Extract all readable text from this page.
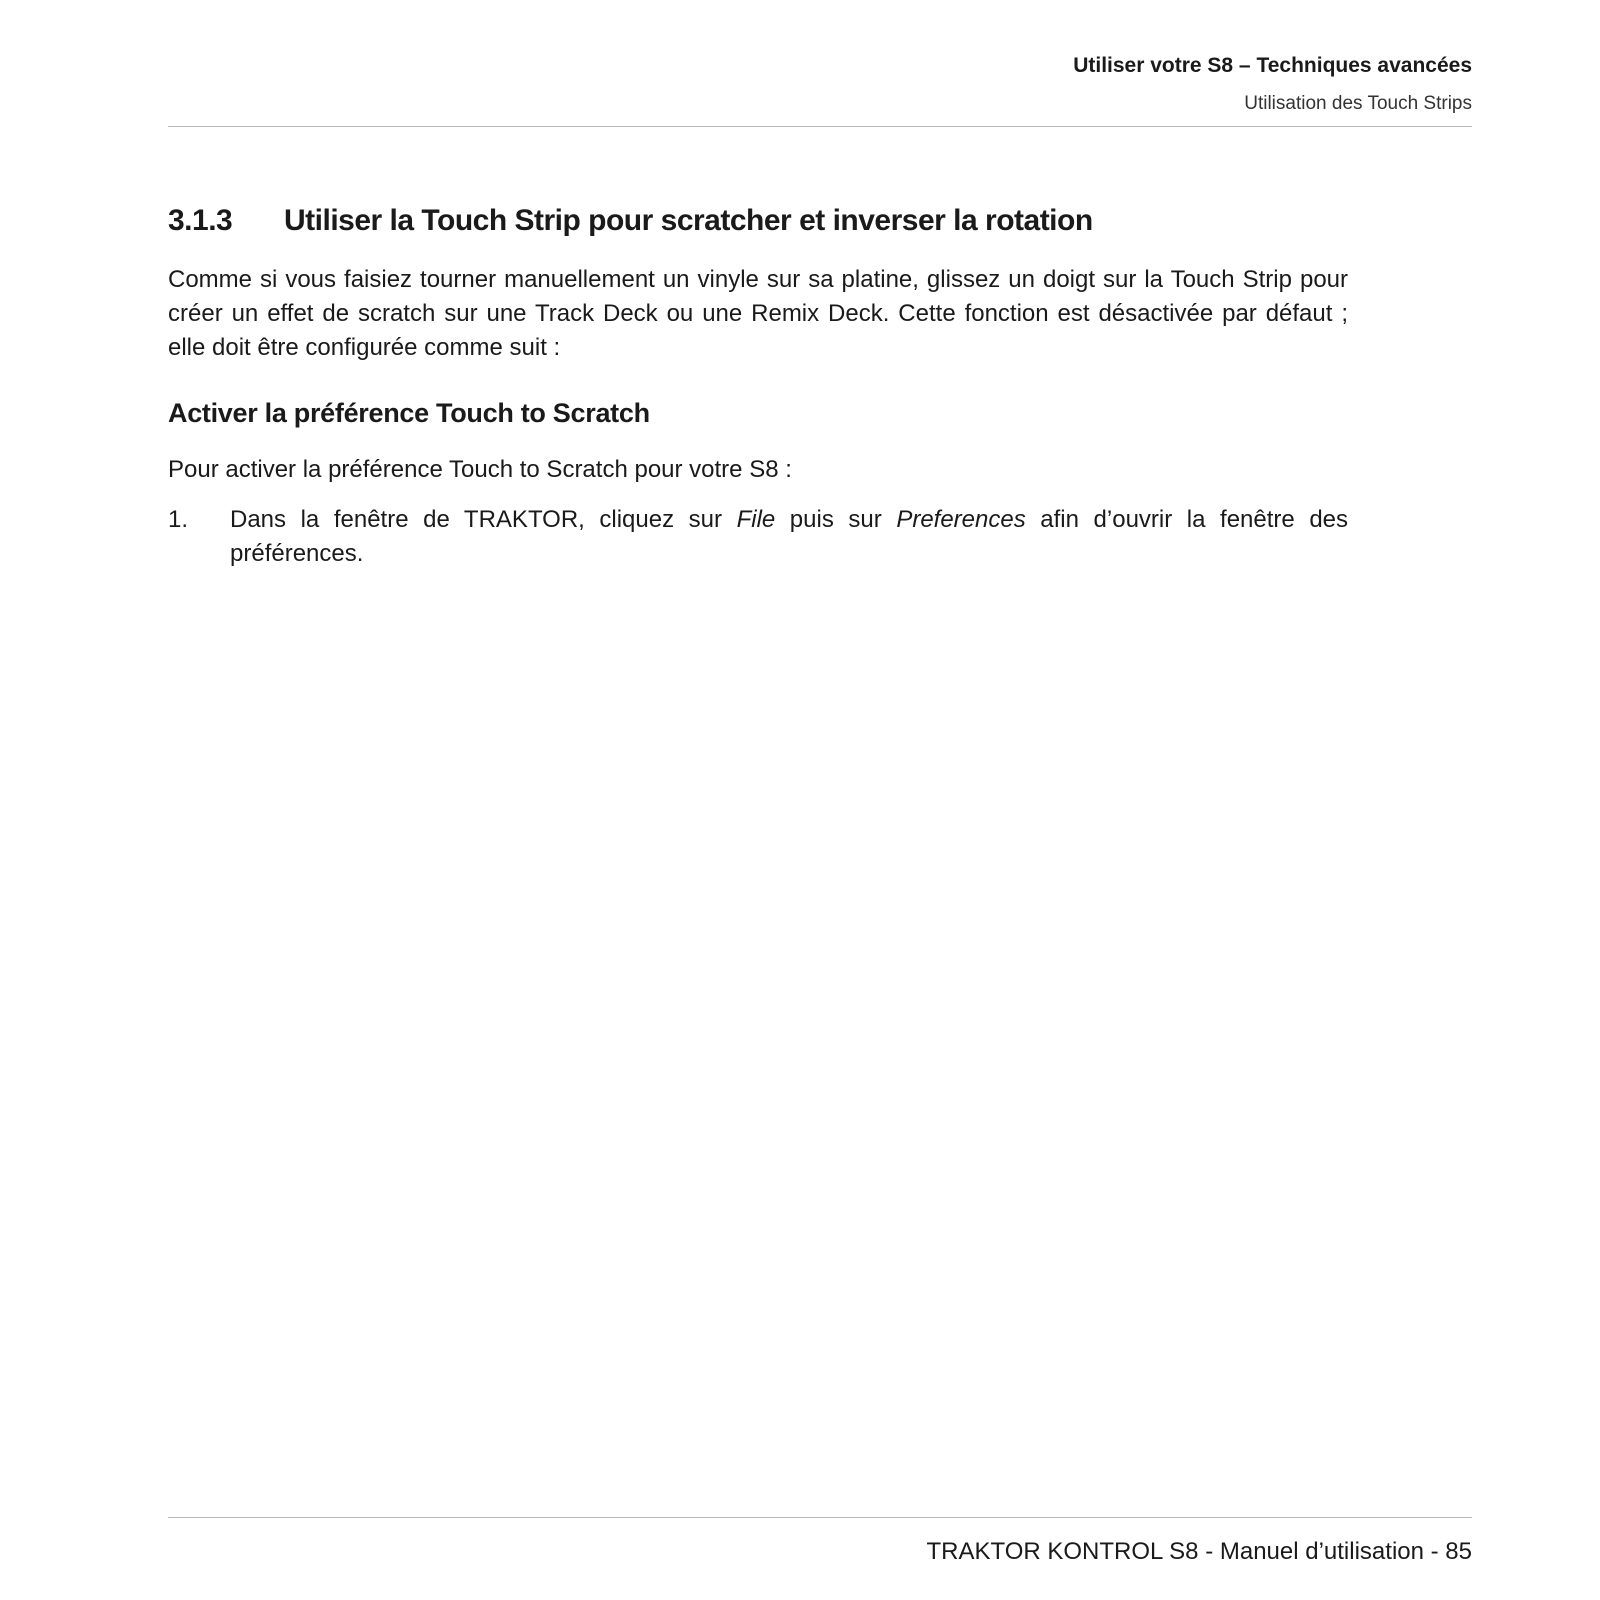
Utiliser votre S8 – Techniques avancées
Utilisation des Touch Strips
3.1.3 Utiliser la Touch Strip pour scratcher et inverser la rotation

Comme si vous faisiez tourner manuellement un vinyle sur sa platine, glissez un doigt sur la Touch Strip pour créer un effet de scratch sur une Track Deck ou une Remix Deck. Cette fonction est désactivée par défaut ; elle doit être configurée comme suit :

Activer la préférence Touch to Scratch

Pour activer la préférence Touch to Scratch pour votre S8 :

1. Dans la fenêtre de TRAKTOR, cliquez sur File puis sur Preferences afin d’ouvrir la fenêtre des préférences.
TRAKTOR KONTROL S8 - Manuel d’utilisation - 85
